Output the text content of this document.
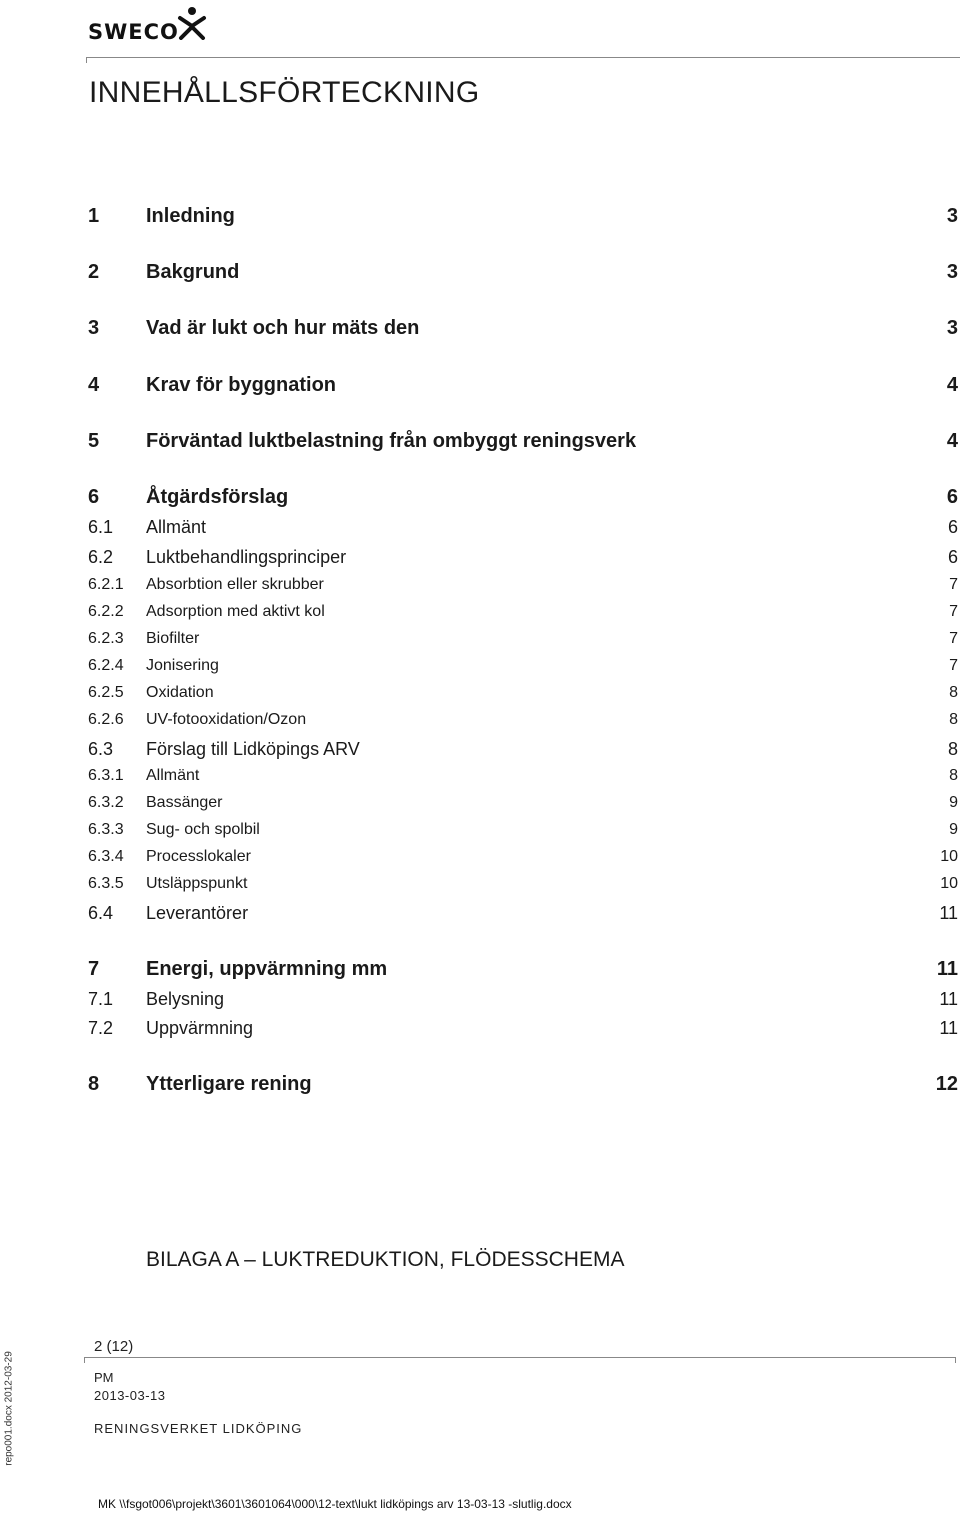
SWECO
INNEHÅLLSFÖRTECKNING
1 Inledning	3
2 Bakgrund	3
3 Vad är lukt och hur mäts den	3
4 Krav för byggnation	4
5 Förväntad luktbelastning från ombyggt reningsverk	4
6 Åtgärdsförslag	6
6.1 Allmänt	6
6.2 Luktbehandlingsprinciper	6
6.2.1 Absorbtion eller skrubber	7
6.2.2 Adsorption med aktivt kol	7
6.2.3 Biofilter	7
6.2.4 Jonisering	7
6.2.5 Oxidation	8
6.2.6 UV-fotooxidation/Ozon	8
6.3 Förslag till Lidköpings ARV	8
6.3.1 Allmänt	8
6.3.2 Bassänger	9
6.3.3 Sug- och spolbil	9
6.3.4 Processlokaler	10
6.3.5 Utsläppspunkt	10
6.4 Leverantörer	11
7 Energi, uppvärmning mm	11
7.1 Belysning	11
7.2 Uppvärmning	11
8 Ytterligare rening	12
BILAGA A – LUKTREDUKTION, FLÖDESSCHEMA
2 (12)
PM
2013-03-13
RENINGSVERKET LIDKÖPING
MK \\fsgot006\projekt\3601\3601064\000\12-text\lukt lidköpings arv 13-03-13 -slutlig.docx
repo001.docx 2012-03-29
